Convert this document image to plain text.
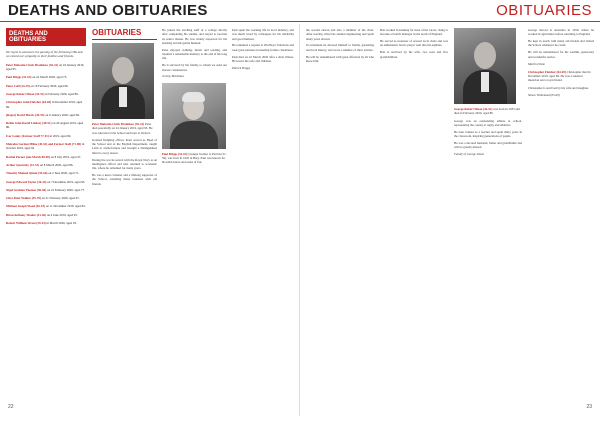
DEATHS AND OBITUARIES	OBITUARIES
DEATHS AND OBITUARIES
We regret to announce the passing of the following OBs and we extend our sympathy to their families and friends.
Peter Malcolm Clark Bradshaw (36-41) on 24 January 2019, aged 95.
Paul Briggs (51-63) on 22 March 2020, aged 75.
Peter Caff (34-39) on 16 February 2020, aged 96.
George Robert Dixon (44-51) in February 2020, aged 86.
Christopher John Fletcher (64-69) in December 2019, aged 69.
(Roger) David Harris (49-55) on 9 January 2020, aged 82.
Robin John David Lindsay (48-51) on 20 August 2019, aged 86.
Ivor Lenny (Former Staff 77-91) in 2019, aged 90.
Malcolm Gordon Milne (45-62) and Former Staff (71-80) in October 2019, aged 92.
Rachel Parner (née Marsh 88-90) on 8 July 2019, aged 47.
Arthur Quarmby (41-51) on 8 March 2020, aged 86.
Timothy Manuel Quinn (55-66) on 2 June 2020, aged 71.
George Edward Taylor (36-43) on 7 December 2019, aged 93.
Nigel Graham Thomas (50-60) on 19 February 2020, aged 77.
Clive Brett Walker (55-70) on 21 February 2020, aged 67.
Michael Joseph Wood (46-53) on 11 November 2019, aged 84.
Brian Anthony Wooler (41-46) on 4 June 2019, aged 95.
Robert William Wreat (39-44) in March 2020, aged 93.
OBITUARIES
Peter Malcolm Clark Bradshaw (36-41) Peter died peacefully on 24 January 2019, aged 95. He was educated at the School and later at Oxford.

Isolated fledgling officer. Peter served as Head of the School and of the English Department, taught Latin to sixth-formers and brought a distinguished mind to every lesson.

During the war he served with the Royal Navy as an intelligence officer and later returned to academic life, where he remained for many years.

He was a keen cricketer and a lifelong supporter of the School, attending many reunions with old friends.

He joined the teaching staff of a college shortly after completing his studies, and stayed to become its senior master. He was widely respected for his learning and his gentle humour.

Peter enjoyed walking, music and reading, and retained a remarkable memory to the end of his long life.

He is survived by his family, to whom we send our sincere condolences.

Jeremy Bradshaw
Paul Briggs (51-63) younger brother to Patrick (51-59), was born in 1945 in Bury. Paul was known for his kind nature and sense of fun.

Paul spent his working life in local industry, and was much loved by colleagues for his reliability and good humour.

He remained a regular at Old Boys' functions and took great pleasure in meeting former classmates.

Paul died on 22 March 2020 after a short illness. He leaves his wife and children.

Patrick Briggs
22

the second eleven and also a member of the choir. After leaving school he studied engineering and spent many years abroad.

In retirement he devoted himself to family, gardening and local history, and wrote a number of short articles.

He will be remembered with great affection by all who knew him.

Bob worked in banking for most of his career, rising to become a branch manager in the north of England.

He served as treasurer of several local clubs and was an enthusiastic bowls player well into his eighties.

Bob is survived by his wife, two sons and five grandchildren.

George Robert Dixon (44-51) was born in 1933 and died in February 2020, aged 86.

George was an outstanding athlete at school, representing the county at rugby and athletics.

He later trained as a teacher and spent thirty years in the classroom, inspiring generations of pupils.

He was a devoted husband, father and grandfather and will be greatly missed.

Family of George Dixon

George moved to Australia in 1959, where he worked in agriculture before returning to England.

He kept in touch with many old friends and visited the School whenever he could.

He will be remembered for his warmth, generosity and wonderful stories.

Martin Dixon
Christopher Fletcher (64-69) Christopher died in December 2019, aged 69. He was a talented musician and a loyal friend.

Christopher is survived by his wife and daughter.

Simon Whitehead (65-69)
23
